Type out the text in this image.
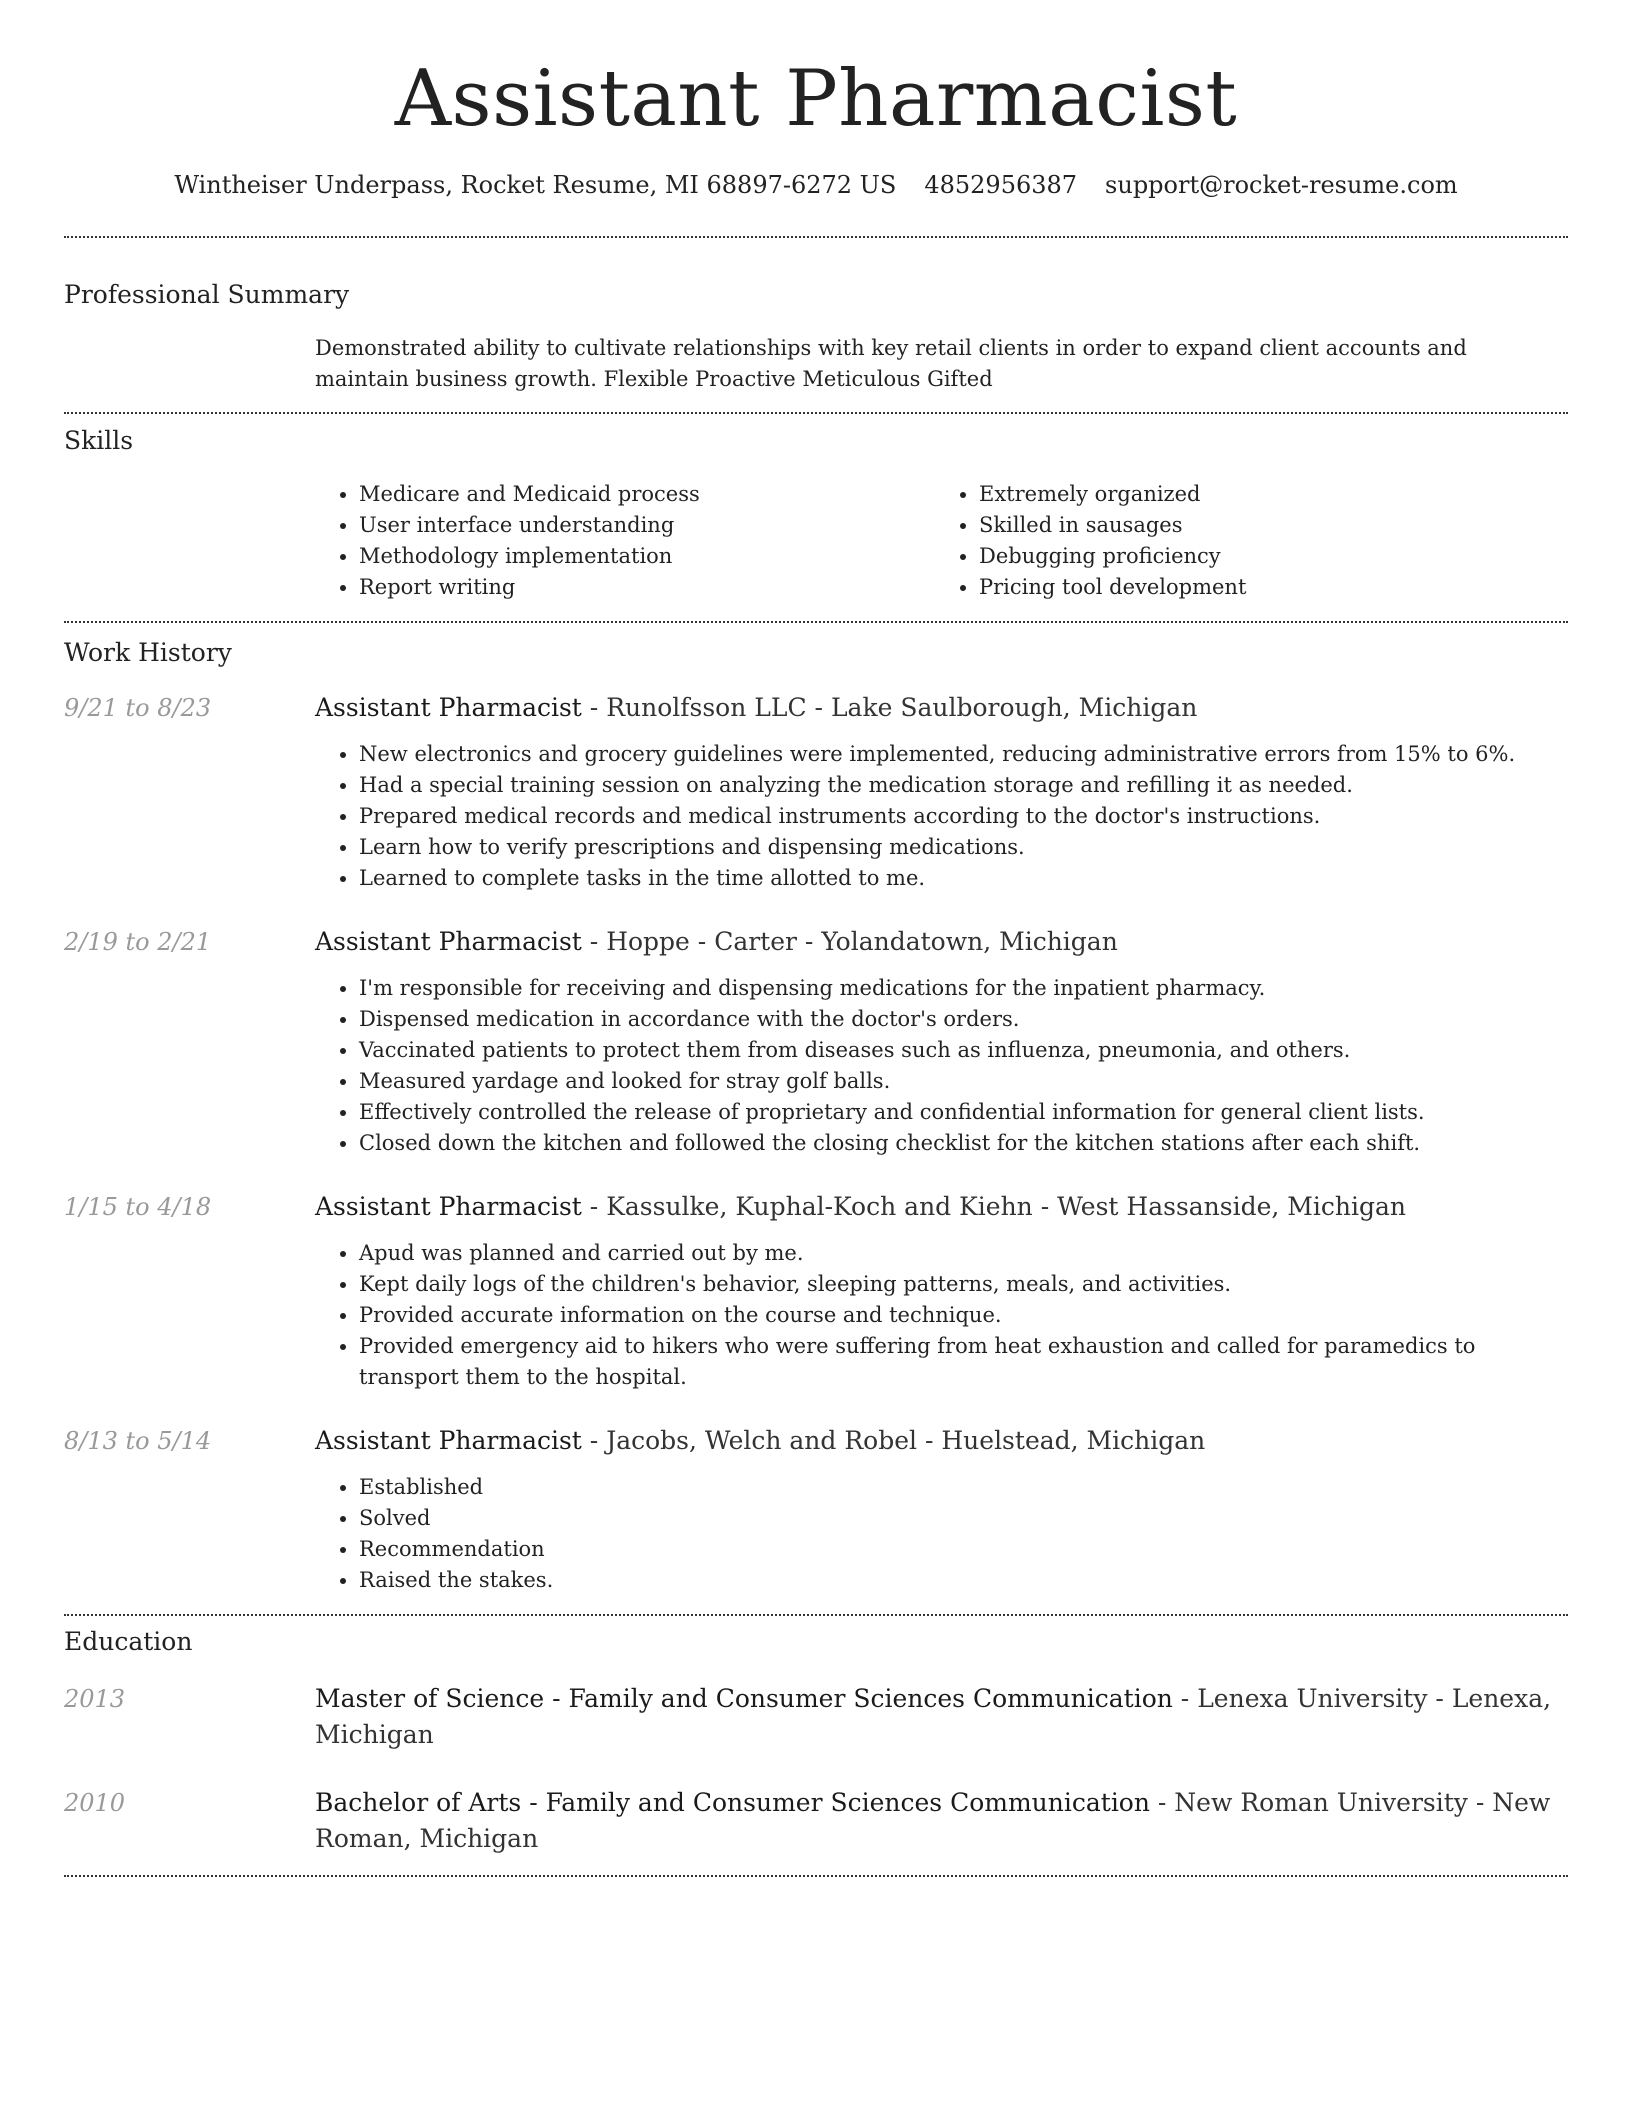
Assistant Pharmacist
Wintheiser Underpass, Rocket Resume, MI 68897-6272 US 4852956387 support@rocket-resume.com
Professional Summary
Demonstrated ability to cultivate relationships with key retail clients in order to expand client accounts and maintain business growth. Flexible Proactive Meticulous Gifted
Skills
• Medicare and Medicaid process
• User interface understanding
• Methodology implementation
• Report writing
• Extremely organized
• Skilled in sausages
• Debugging proficiency
• Pricing tool development
Work History
9/21 to 8/23	Assistant Pharmacist - Runolfsson LLC - Lake Saulborough, Michigan
• New electronics and grocery guidelines were implemented, reducing administrative errors from 15% to 6%.
• Had a special training session on analyzing the medication storage and refilling it as needed.
• Prepared medical records and medical instruments according to the doctor's instructions.
• Learn how to verify prescriptions and dispensing medications.
• Learned to complete tasks in the time allotted to me.
2/19 to 2/21	Assistant Pharmacist - Hoppe - Carter - Yolandatown, Michigan
• I'm responsible for receiving and dispensing medications for the inpatient pharmacy.
• Dispensed medication in accordance with the doctor's orders.
• Vaccinated patients to protect them from diseases such as influenza, pneumonia, and others.
• Measured yardage and looked for stray golf balls.
• Effectively controlled the release of proprietary and confidential information for general client lists.
• Closed down the kitchen and followed the closing checklist for the kitchen stations after each shift.
1/15 to 4/18	Assistant Pharmacist - Kassulke, Kuphal-Koch and Kiehn - West Hassanside, Michigan
• Apud was planned and carried out by me.
• Kept daily logs of the children's behavior, sleeping patterns, meals, and activities.
• Provided accurate information on the course and technique.
• Provided emergency aid to hikers who were suffering from heat exhaustion and called for paramedics to transport them to the hospital.
8/13 to 5/14	Assistant Pharmacist - Jacobs, Welch and Robel - Huelstead, Michigan
• Established
• Solved
• Recommendation
• Raised the stakes.
Education
2013	Master of Science - Family and Consumer Sciences Communication - Lenexa University - Lenexa, Michigan
2010	Bachelor of Arts - Family and Consumer Sciences Communication - New Roman University - New Roman, Michigan
